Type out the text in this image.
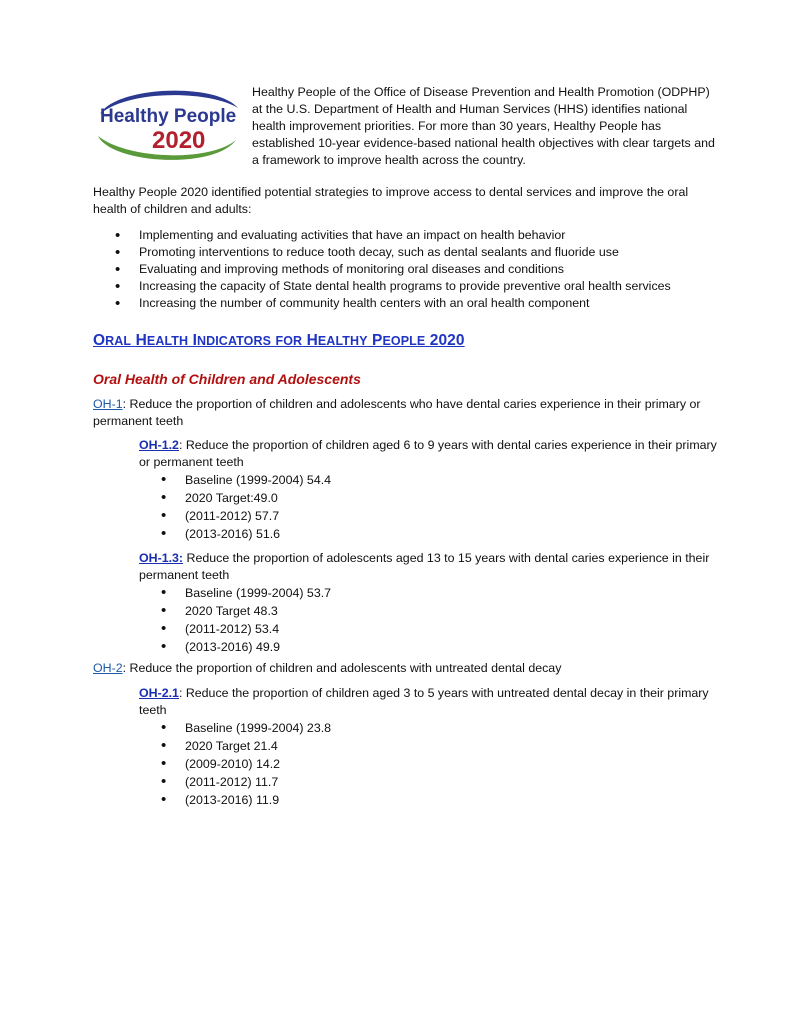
Healthy People
2020
Healthy People of the Office of Disease Prevention and Health Promotion (ODPHP) at the U.S. Department of Health and Human Services (HHS) identifies national health improvement priorities. For more than 30 years, Healthy People has established 10-year evidence-based national health objectives with clear targets and a framework to improve health across the country.
Healthy People 2020 identified potential strategies to improve access to dental services and improve the oral health of children and adults:
• Implementing and evaluating activities that have an impact on health behavior
• Promoting interventions to reduce tooth decay, such as dental sealants and fluoride use
• Evaluating and improving methods of monitoring oral diseases and conditions
• Increasing the capacity of State dental health programs to provide preventive oral health services
• Increasing the number of community health centers with an oral health component
ORAL HEALTH INDICATORS FOR HEALTHY PEOPLE 2020
Oral Health of Children and Adolescents
OH-1: Reduce the proportion of children and adolescents who have dental caries experience in their primary or permanent teeth
OH-1.2: Reduce the proportion of children aged 6 to 9 years with dental caries experience in their primary or permanent teeth
• Baseline (1999-2004) 54.4
• 2020 Target:49.0
• (2011-2012) 57.7
• (2013-2016) 51.6
OH-1.3: Reduce the proportion of adolescents aged 13 to 15 years with dental caries experience in their permanent teeth
• Baseline (1999-2004) 53.7
• 2020 Target 48.3
• (2011-2012) 53.4
• (2013-2016) 49.9
OH-2: Reduce the proportion of children and adolescents with untreated dental decay
OH-2.1: Reduce the proportion of children aged 3 to 5 years with untreated dental decay in their primary teeth
• Baseline (1999-2004) 23.8
• 2020 Target 21.4
• (2009-2010) 14.2
• (2011-2012) 11.7
• (2013-2016) 11.9
